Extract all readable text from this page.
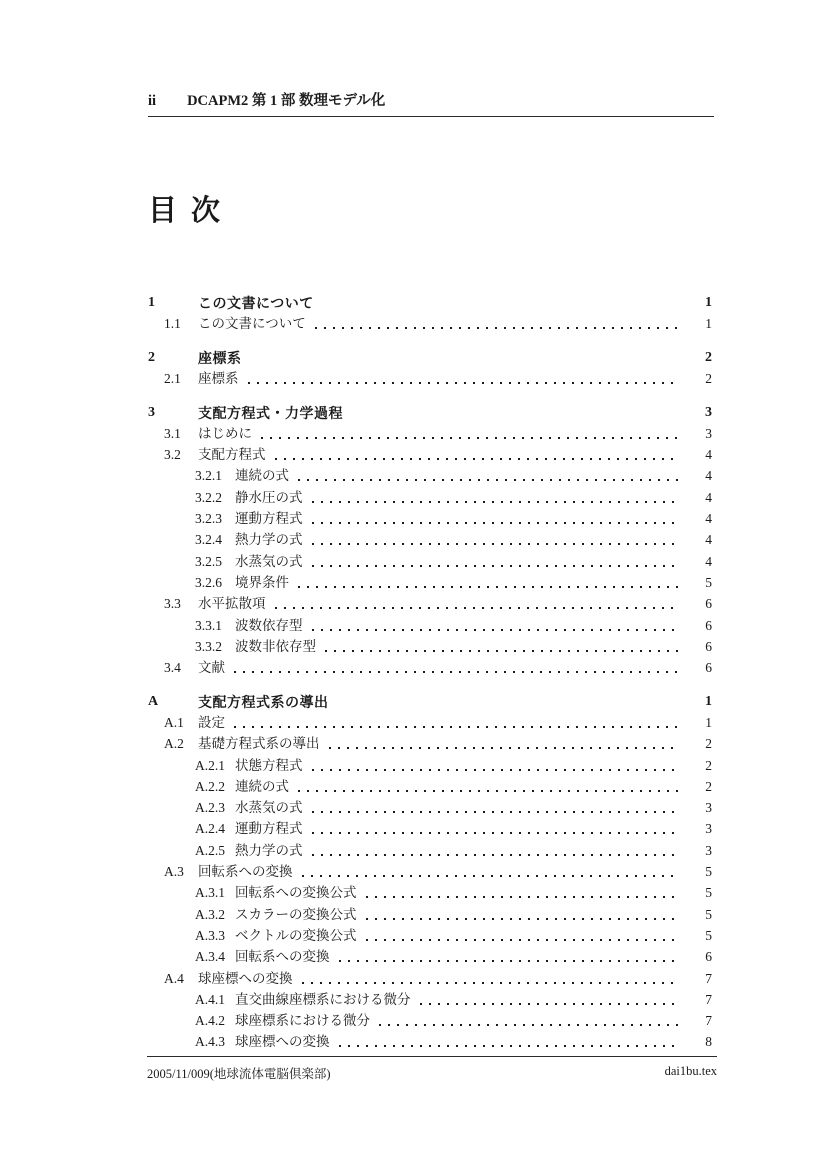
ii DCAPM2 第 1 部 数理モデル化
目 次
1	この文書について	1
1.1	この文書について	1
2	座標系	2
2.1	座標系	2
3	支配方程式・力学過程	3
3.1	はじめに	3
3.2	支配方程式	4
3.2.1 連続の式	4
3.2.2 静水圧の式	4
3.2.3 運動方程式	4
3.2.4 熱力学の式	4
3.2.5 水蒸気の式	4
3.2.6 境界条件	5
3.3	水平拡散項	6
3.3.1 波数依存型	6
3.3.2 波数非依存型	6
3.4	文献	6
A	支配方程式系の導出	1
A.1	設定	1
A.2	基礎方程式系の導出	2
A.2.1 状態方程式	2
A.2.2 連続の式	2
A.2.3 水蒸気の式	3
A.2.4 運動方程式	3
A.2.5 熱力学の式	3
A.3	回転系への変換	5
A.3.1 回転系への変換公式	5
A.3.2 スカラーの変換公式	5
A.3.3 ベクトルの変換公式	5
A.3.4 回転系への変換	6
A.4	球座標への変換	7
A.4.1 直交曲線座標系における微分	7
A.4.2 球座標系における微分	7
A.4.3 球座標への変換	8
2005/11/009(地球流体電脳倶楽部)	dai1bu.tex
